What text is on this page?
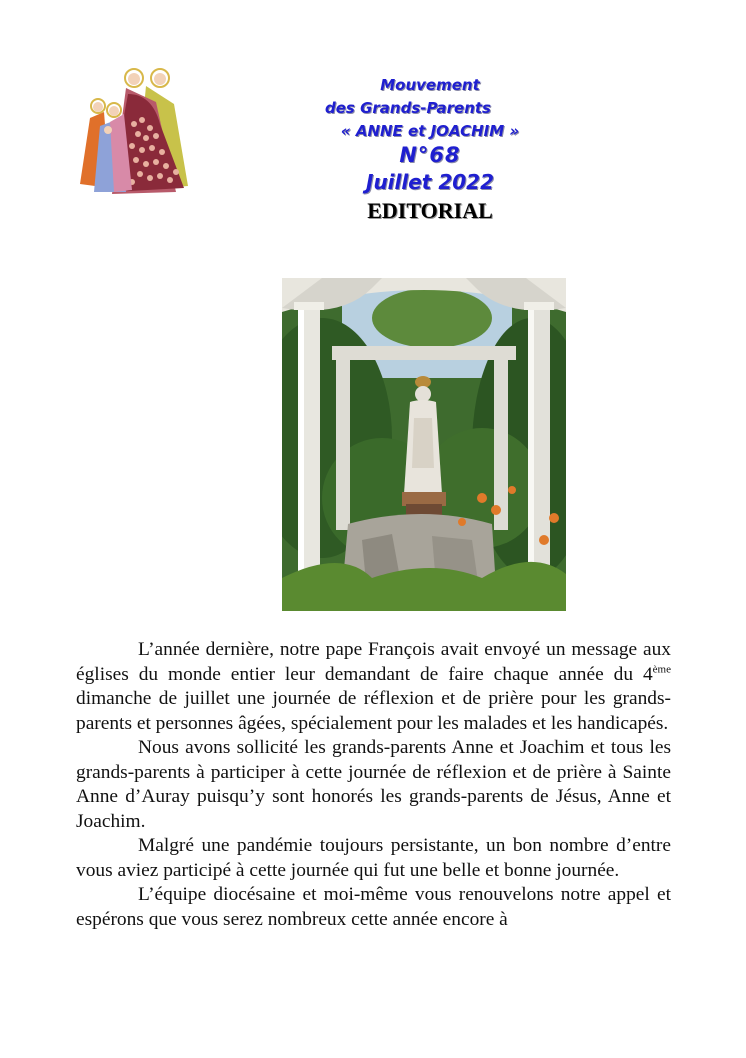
Mouvement

des Grands-Parents

« ANNE et JOACHIM »

N°68

Juillet 2022

EDITORIAL

L’année dernière, notre pape François avait envoyé un message aux églises du monde entier leur demandant de faire chaque année du 4ème dimanche de juillet une journée de réflexion et de prière pour les grands-parents et personnes âgées, spécialement pour les malades et les handicapés.

Nous avons sollicité les grands-parents Anne et Joachim et tous les grands-parents à participer à cette journée de réflexion et de prière à Sainte Anne d’Auray puisqu’y sont honorés les grands-parents de Jésus, Anne et Joachim.

Malgré une pandémie toujours persistante, un bon nombre d’entre vous aviez participé à cette journée qui fut une belle et bonne journée.

L’équipe diocésaine et moi-même vous renouvelons notre appel et espérons que vous serez nombreux cette année encore à
